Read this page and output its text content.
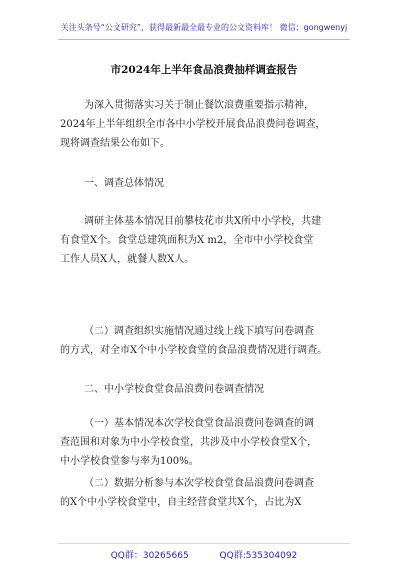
关注头条号“公文研究”，获得最新最全最专业的公文资料库！ 微信：gongwenyj
市2024年上半年食品浪费抽样调查报告
为深入贯彻落实习关于制止餐饮浪费重要指示精神，
2024年上半年组织全市各中小学校开展食品浪费问卷调查，
现将调查结果公布如下。
一、调查总体情况
调研主体基本情况目前攀枝花市共X所中小学校，共建
有食堂X个。食堂总建筑面积为X m2，全市中小学校食堂
工作人员X人，就餐人数X人。
（二）调查组织实施情况通过线上线下填写问卷调查
的方式，对全市X个中小学校食堂的食品浪费情况进行调查。
二、中小学校食堂食品浪费问卷调查情况
（一）基本情况本次学校食堂食品浪费问卷调查的调
查范围和对象为中小学校食堂，共涉及中小学校食堂X个，
中小学校食堂参与率为100%。
（二）数据分析参与本次学校食堂食品浪费问卷调查
的X个中小学校食堂中，自主经营食堂共X个，占比为X
QQ群：30265665	QQ群:535304092
